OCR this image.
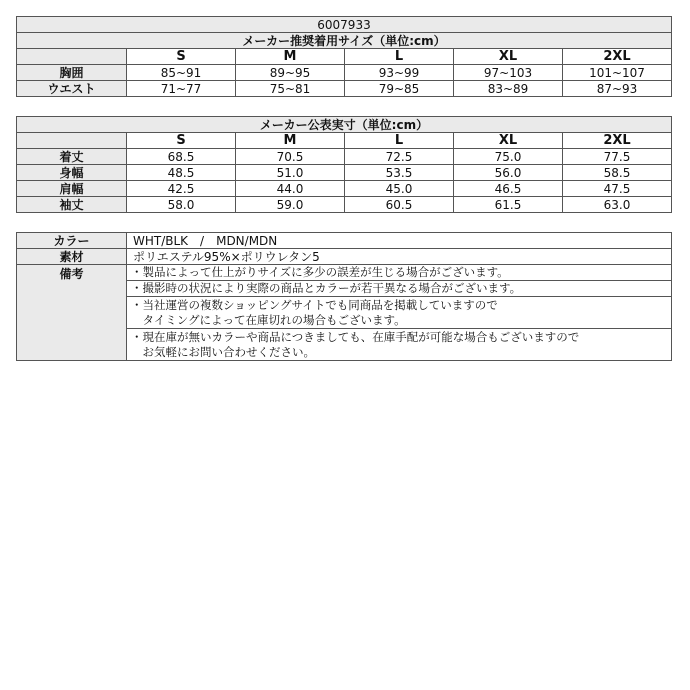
6007933					
メーカー推奨着用サイズ（単位:cm）					
	S	M	L	XL	2XL
胸囲	85~91	89~95	93~99	97~103	101~107
ウエスト	71~77	75~81	79~85	83~89	87~93
メーカー公表実寸（単位:cm）					
	S	M	L	XL	2XL
着丈	68.5	70.5	72.5	75.0	77.5
身幅	48.5	51.0	53.5	56.0	58.5
肩幅	42.5	44.0	45.0	46.5	47.5
袖丈	58.0	59.0	60.5	61.5	63.0
カラー	WHT/BLK　/　MDN/MDN
素材	ポリエステル95%×ポリウレタン5
備考	・製品によって仕上がりサイズに多少の誤差が生じる場合がございます。

	・撮影時の状況により実際の商品とカラーが若干異なる場合がございます。

	・当社運営の複数ショッピングサイトでも同商品を掲載していますので
　タイミングによって在庫切れの場合もございます。

	・現在庫が無いカラーや商品につきましても、在庫手配が可能な場合もございますので
　お気軽にお問い合わせください。
